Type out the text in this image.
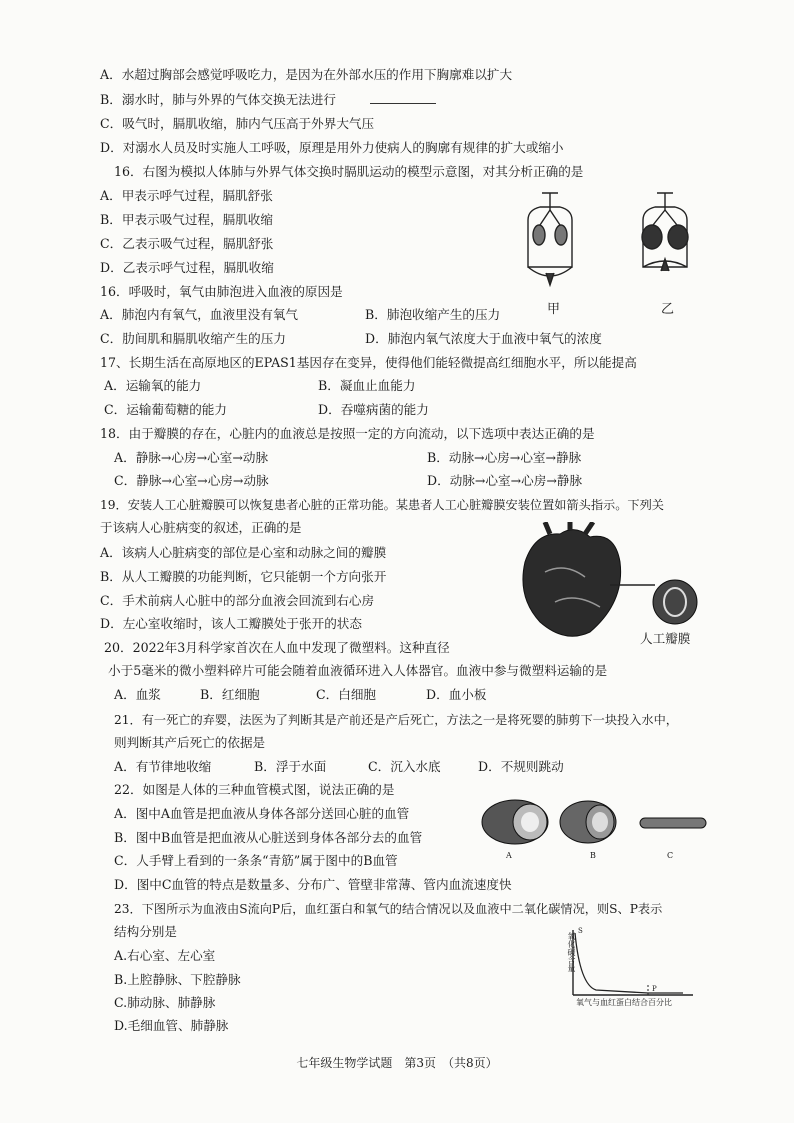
A．水超过胸部会感觉呼吸吃力，是因为在外部水压的作用下胸廓难以扩大
B．溺水时，肺与外界的气体交换无法进行
C．吸气时，膈肌收缩，肺内气压高于外界大气压
D．对溺水人员及时实施人工呼吸，原理是用外力使病人的胸廓有规律的扩大或缩小
16．右图为模拟人体肺与外界气体交换时膈肌运动的模型示意图，对其分析正确的是
A．甲表示呼气过程，膈肌舒张
B．甲表示吸气过程，膈肌收缩
C．乙表示吸气过程，膈肌舒张
D．乙表示呼气过程，膈肌收缩
甲	乙
16．呼吸时，氧气由肺泡进入血液的原因是
A．肺泡内有氧气，血液里没有氧气	B．肺泡收缩产生的压力
C．肋间肌和膈肌收缩产生的压力	D．肺泡内氧气浓度大于血液中氧气的浓度
17、长期生活在高原地区的EPAS1基因存在变异，使得他们能轻微提高红细胞水平，所以能提高
A．运输氧的能力	B．凝血止血能力
C．运输葡萄糖的能力	D．吞噬病菌的能力
18．由于瓣膜的存在，心脏内的血液总是按照一定的方向流动，以下选项中表达正确的是
A．静脉→心房→心室→动脉	B．动脉→心房→心室→静脉
C．静脉→心室→心房→动脉	D．动脉→心室→心房→静脉
19．安装人工心脏瓣膜可以恢复患者心脏的正常功能。某患者人工心脏瓣膜安装位置如箭头指示。下列关
于该病人心脏病变的叙述，正确的是
A．该病人心脏病变的部位是心室和动脉之间的瓣膜
B．从人工瓣膜的功能判断，它只能朝一个方向张开
C．手术前病人心脏中的部分血液会回流到右心房
D．左心室收缩时，该人工瓣膜处于张开的状态
人工瓣膜
20．2022年3月科学家首次在人血中发现了微塑料。这种直径
小于5毫米的微小塑料碎片可能会随着血液循环进入人体器官。血液中参与微塑料运输的是
A．血浆	B．红细胞	C．白细胞	D．血小板
21．有一死亡的弃婴，法医为了判断其是产前还是产后死亡，方法之一是将死婴的肺剪下一块投入水中，
则判断其产后死亡的依据是
A．有节律地收缩	B．浮于水面	C．沉入水底	D．不规则跳动
22．如图是人体的三种血管模式图，说法正确的是
A．图中A血管是把血液从身体各部分送回心脏的血管
B．图中B血管是把血液从心脏送到身体各部分去的血管
C．人手臂上看到的一条条“青筋”属于图中的B血管
D．图中C血管的特点是数量多、分布广、管壁非常薄、管内血流速度快
A	B	C
23．下图所示为血液由S流向P后，血红蛋白和氧气的结合情况以及血液中二氧化碳情况，则S、P表示
结构分别是
A.右心室、左心室
B.上腔静脉、下腔静脉
C.肺动脉、肺静脉
D.毛细血管、肺静脉
氧化碳含量
S
P
氧气与血红蛋白结合百分比
七年级生物学试题　第3页　（共8页）
